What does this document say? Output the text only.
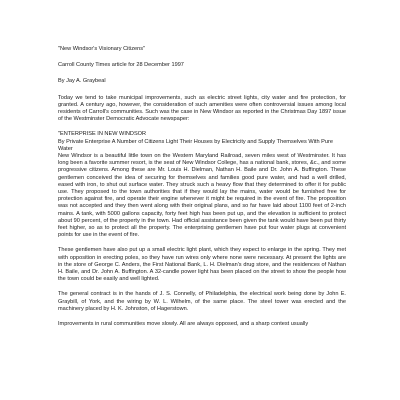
"New Windsor's Visionary Citizens"

Carroll County Times article for 28 December 1997

By Jay A. Graybeal

Today we tend to take municipal improvements, such as electric street lights, city water and fire protection, for granted. A century ago, however, the consideration of such amenities were often controversial issues among local residents of Carroll's communities. Such was the case in New Windsor as reported in the Christmas Day 1897 issue of the Westminster Democratic Advocate newspaper:

"ENTERPRISE IN NEW WINDSOR
By Private Enterprise A Number of Citizens Light Their Houses by Electricity and Supply Themselves With Pure Water
New Windsor is a beautiful little town on the Western Maryland Railroad, seven miles west of Westminster. It has long been a favorite summer resort, is the seat of New Windsor College, has a national bank, stores, &c., and some progressive citizens. Among these are Mr. Louis H. Dielman, Nathan H. Baile and Dr. John A. Buffington. These gentlemen conceived the idea of securing for themselves and families good pure water, and had a well drilled, eased with iron, to shut out surface water. They struck such a heavy flow that they determined to offer it for public use. They proposed to the town authorities that if they would lay the mains, water would be furnished free for protection against fire, and operate their engine whenever it might be required in the event of fire. The proposition was not accepted and they then went along with their original plans, and so far have laid about 1100 feet of 2-inch mains. A tank, with 5000 gallons capacity, forty feet high has been put up, and the elevation is sufficient to protect about 90 percent, of the property in the town. Had official assistance been given the tank would have been put thirty feet higher, so as to protect all the property. The enterprising gentlemen have put four water plugs at convenient points for use in the event of fire.

These gentlemen have also put up a small electric light plant, which they expect to enlarge in the spring. They met with opposition in erecting poles, so they have run wires only where none were necessary. At present the lights are in the store of George C. Anders, the First National Bank, L. H. Dielman's drug store, and the residences of Nathan H. Baile, and Dr. John A. Buffington. A 32-candle power light has been placed on the street to show the people how the town could be easily and well lighted.

The general contract is in the hands of J. S. Connelly, of Philadelphia, the electrical work being done by John E. Graybill, of York, and the wiring by W. L. Wilhelm, of the same place. The steel tower was erected and the machinery placed by H. K. Johnston, of Hagerstown.

Improvements in rural communities move slowly. All are always opposed, and a sharp contest usually
